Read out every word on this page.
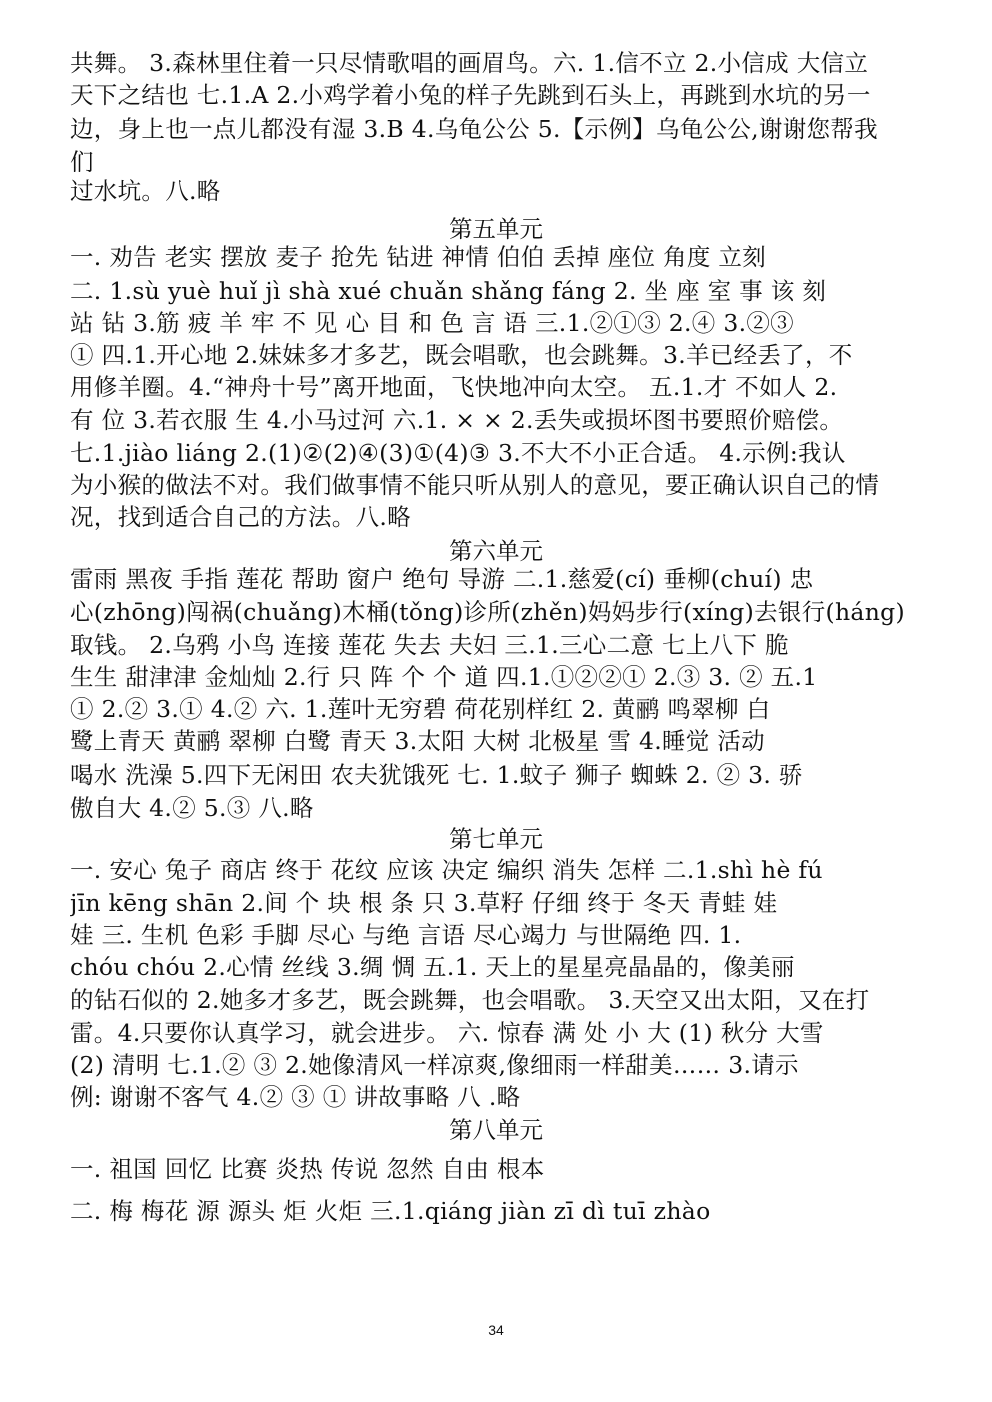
共舞。 3.森林里住着一只尽情歌唱的画眉鸟。六. 1.信不立 2.小信成 大信立
天下之结也 七.1.A 2.小鸡学着小兔的样子先跳到石头上，再跳到水坑的另一
边，身上也一点儿都没有湿 3.B 4.乌龟公公 5.【示例】乌龟公公,谢谢您帮我
们
过水坑。八.略
第五单元
一. 劝告 老实 摆放 麦子 抢先 钻进 神情 伯伯 丢掉 座位 角度 立刻
二. 1.sù yuè huǐ jì shà xué chuǎn shǎng fáng 2. 坐 座 室 事 该 刻
站 钻 3.筋 疲 羊 牢 不 见 心 目 和 色 言 语 三.1.②①③ 2.④ 3.②③
① 四.1.开心地 2.妹妹多才多艺，既会唱歌，也会跳舞。3.羊已经丢了，不
用修羊圈。4.“神舟十号”离开地面，飞快地冲向太空。 五.1.才 不如人 2.
有 位 3.若衣服 生 4.小马过河 六.1. × × 2.丢失或损坏图书要照价赔偿。
七.1.jiào liáng 2.(1)②(2)④(3)①(4)③ 3.不大不小正合适。 4.示例:我认
为小猴的做法不对。我们做事情不能只听从别人的意见，要正确认识自己的情
况，找到适合自己的方法。八.略
第六单元
雷雨 黑夜 手指 莲花 帮助 窗户 绝句 导游 二.1.慈爱(cí) 垂柳(chuí) 忠
心(zhōng)闯祸(chuǎng)木桶(tǒng)诊所(zhěn)妈妈步行(xíng)去银行(háng)
取钱。 2.乌鸦 小鸟 连接 莲花 失去 夫妇 三.1.三心二意 七上八下 脆
生生 甜津津 金灿灿 2.行 只 阵 个 个 道 四.1.①②②① 2.③ 3. ② 五.1
① 2.② 3.① 4.② 六. 1.莲叶无穷碧 荷花别样红 2. 黄鹂 鸣翠柳 白
鹭上青天 黄鹂 翠柳 白鹭 青天 3.太阳 大树 北极星 雪 4.睡觉 活动
喝水 洗澡 5.四下无闲田 农夫犹饿死 七. 1.蚊子 狮子 蜘蛛 2. ② 3. 骄
傲自大 4.② 5.③ 八.略
第七单元
一. 安心 兔子 商店 终于 花纹 应该 决定 编织 消失 怎样 二.1.shì hè fú
jīn kēng shān 2.间 个 块 根 条 只 3.草籽 仔细 终于 冬天 青蛙 娃
娃 三. 生机 色彩 手脚 尽心 与绝 言语 尽心竭力 与世隔绝 四. 1.
chóu chóu 2.心情 丝线 3.绸 惆 五.1. 天上的星星亮晶晶的，像美丽
的钻石似的 2.她多才多艺，既会跳舞，也会唱歌。 3.天空又出太阳，又在打
雷。4.只要你认真学习，就会进步。 六. 惊春 满 处 小 大 (1) 秋分 大雪
(2) 清明 七.1.② ③ 2.她像清风一样凉爽,像细雨一样甜美…… 3.请示
例: 谢谢不客气 4.② ③ ① 讲故事略 八 .略
第八单元
一. 祖国 回忆 比赛 炎热 传说 忽然 自由 根本
二. 梅 梅花 源 源头 炬 火炬 三.1.qiáng jiàn zī dì tuī zhào
34
